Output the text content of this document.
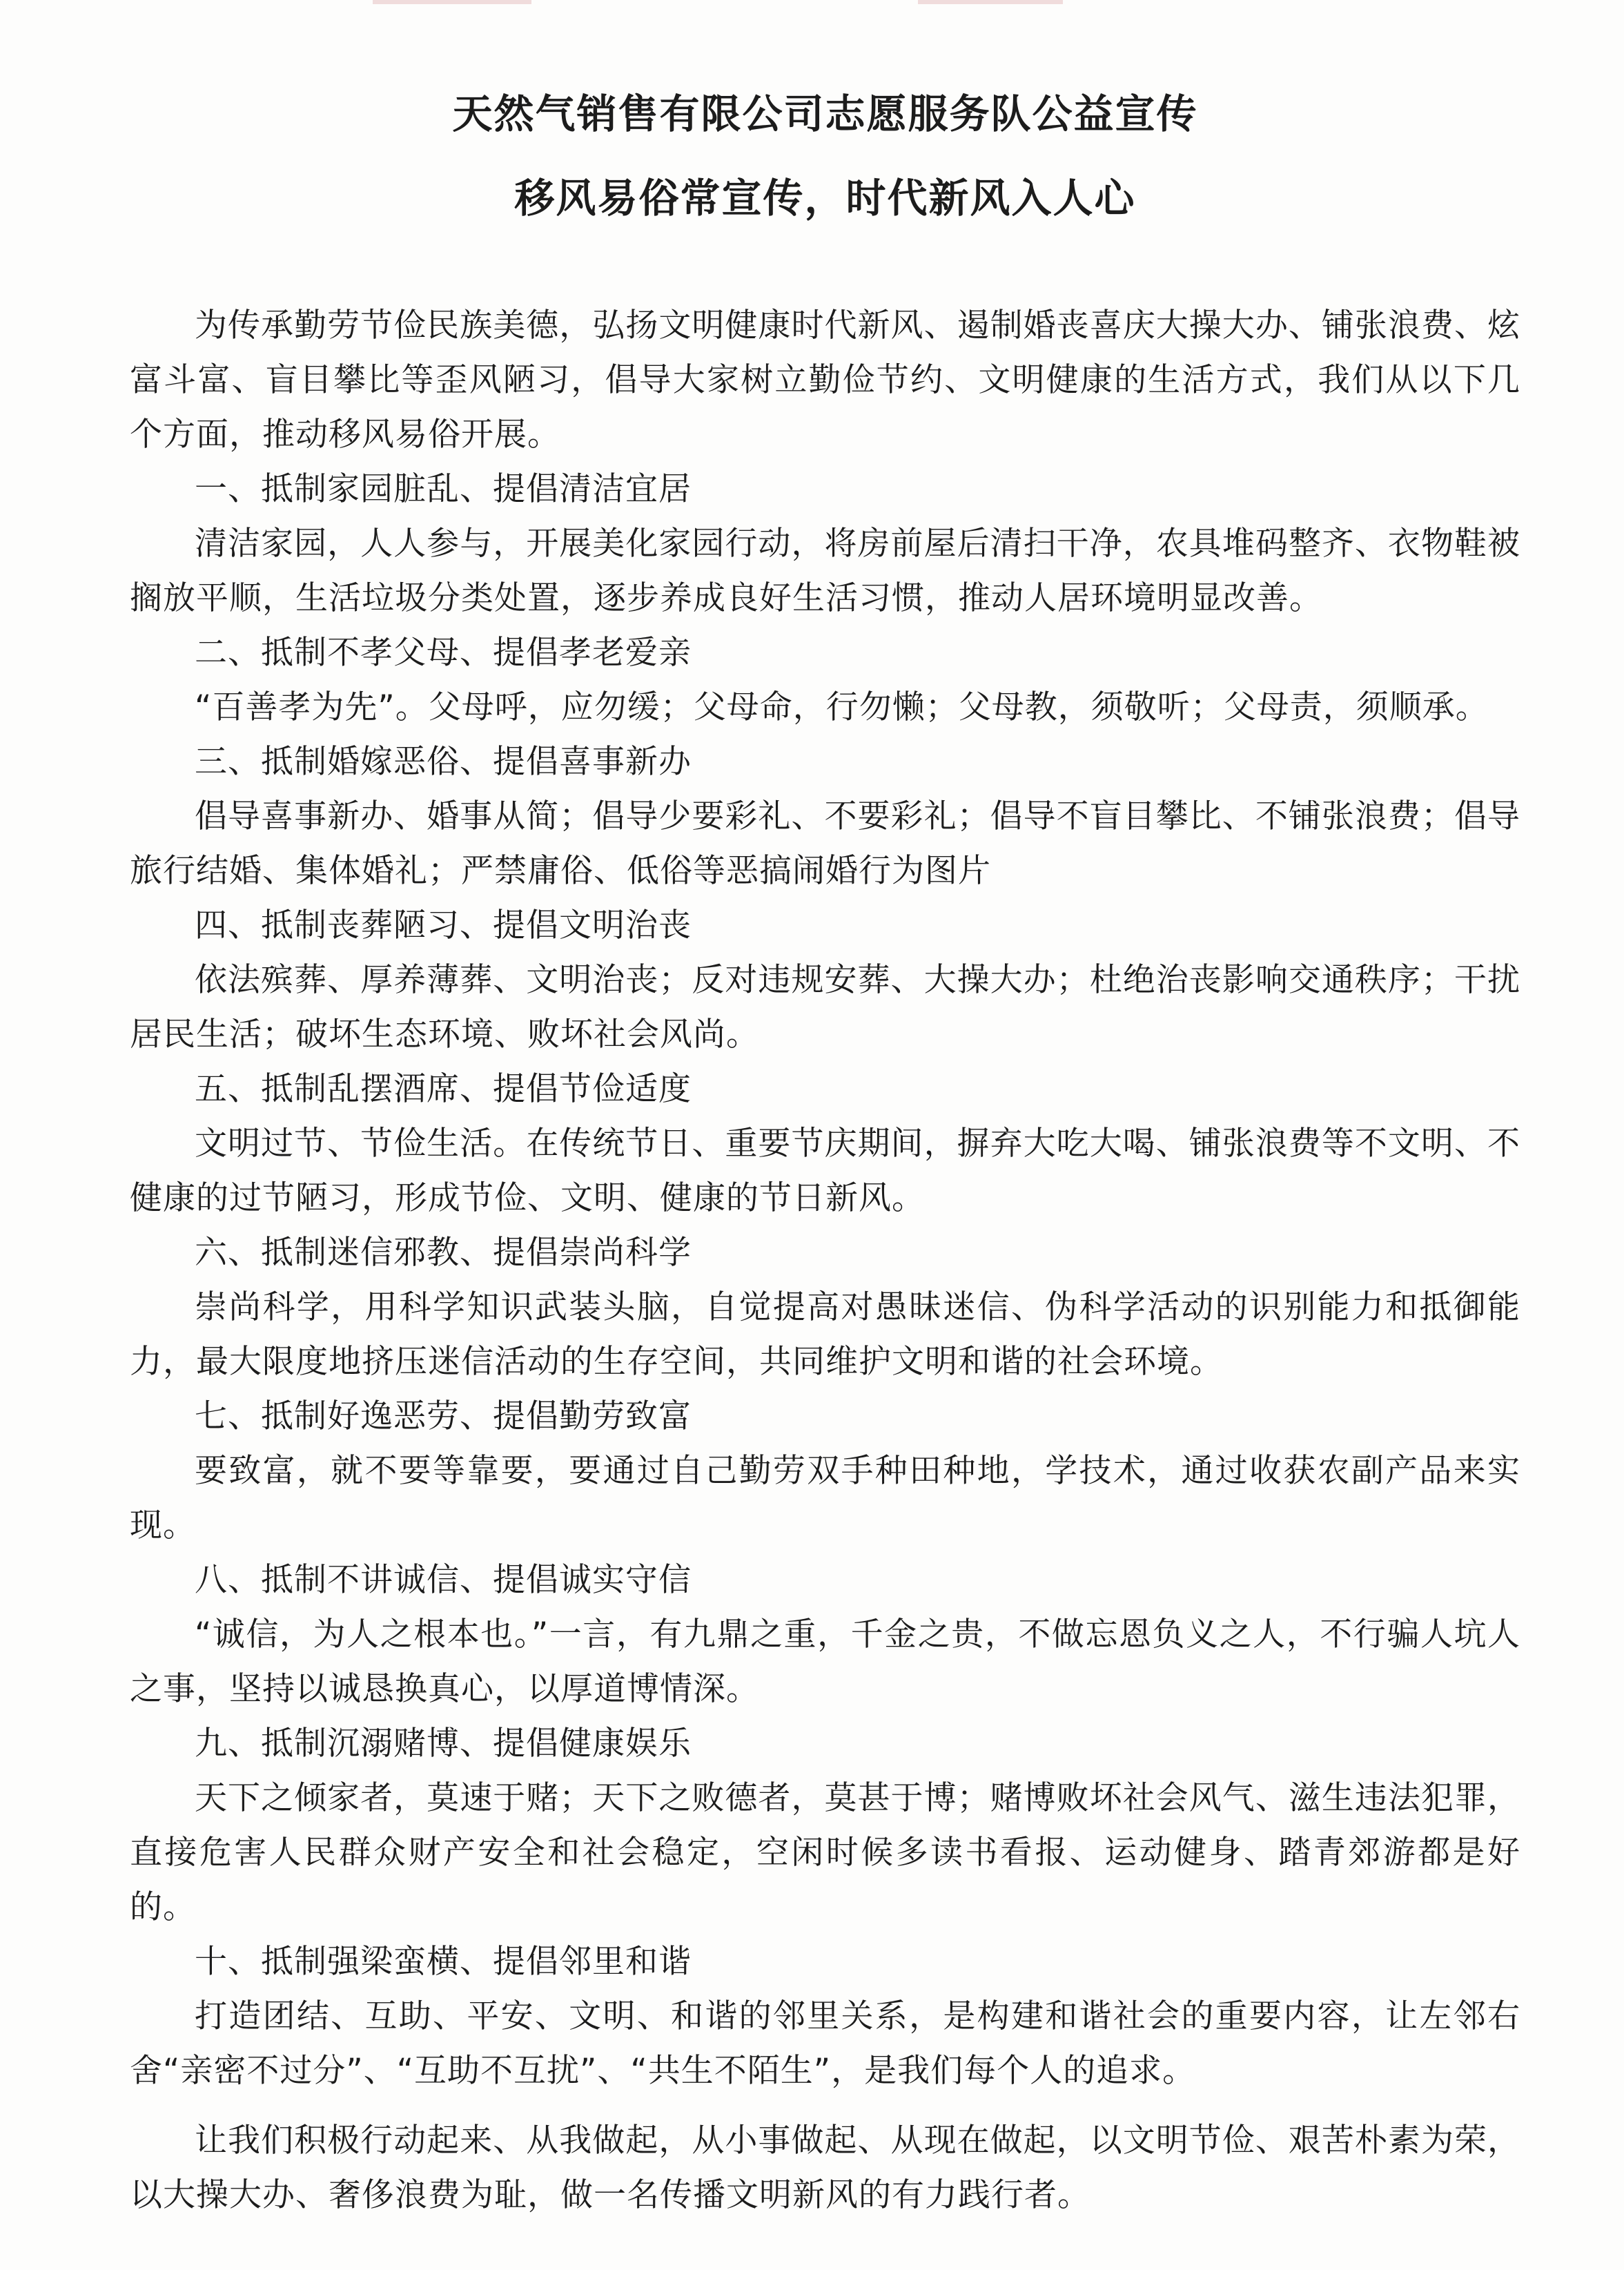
天然气销售有限公司志愿服务队公益宣传
移风易俗常宣传，时代新风入人心

为传承勤劳节俭民族美德，弘扬文明健康时代新风、遏制婚丧喜庆大操大办、铺张浪费、炫富斗富、盲目攀比等歪风陋习，倡导大家树立勤俭节约、文明健康的生活方式，我们从以下几个方面，推动移风易俗开展。

一、抵制家园脏乱、提倡清洁宜居

清洁家园，人人参与，开展美化家园行动，将房前屋后清扫干净，农具堆码整齐、衣物鞋被搁放平顺，生活垃圾分类处置，逐步养成良好生活习惯，推动人居环境明显改善。

二、抵制不孝父母、提倡孝老爱亲

“百善孝为先”。父母呼，应勿缓；父母命，行勿懒；父母教，须敬听；父母责，须顺承。

三、抵制婚嫁恶俗、提倡喜事新办

倡导喜事新办、婚事从简；倡导少要彩礼、不要彩礼；倡导不盲目攀比、不铺张浪费；倡导旅行结婚、集体婚礼；严禁庸俗、低俗等恶搞闹婚行为图片

四、抵制丧葬陋习、提倡文明治丧

依法殡葬、厚养薄葬、文明治丧；反对违规安葬、大操大办；杜绝治丧影响交通秩序；干扰居民生活；破坏生态环境、败坏社会风尚。

五、抵制乱摆酒席、提倡节俭适度

文明过节、节俭生活。在传统节日、重要节庆期间，摒弃大吃大喝、铺张浪费等不文明、不健康的过节陋习，形成节俭、文明、健康的节日新风。

六、抵制迷信邪教、提倡崇尚科学

崇尚科学，用科学知识武装头脑，自觉提高对愚昧迷信、伪科学活动的识别能力和抵御能力，最大限度地挤压迷信活动的生存空间，共同维护文明和谐的社会环境。

七、抵制好逸恶劳、提倡勤劳致富

要致富，就不要等靠要，要通过自己勤劳双手种田种地，学技术，通过收获农副产品来实现。

八、抵制不讲诚信、提倡诚实守信

“诚信，为人之根本也。”一言，有九鼎之重，千金之贵，不做忘恩负义之人，不行骗人坑人之事，坚持以诚恳换真心，以厚道博情深。

九、抵制沉溺赌博、提倡健康娱乐

天下之倾家者，莫速于赌；天下之败德者，莫甚于博；赌博败坏社会风气、滋生违法犯罪，直接危害人民群众财产安全和社会稳定，空闲时候多读书看报、运动健身、踏青郊游都是好的。

十、抵制强梁蛮横、提倡邻里和谐

打造团结、互助、平安、文明、和谐的邻里关系，是构建和谐社会的重要内容，让左邻右舍“亲密不过分”、“互助不互扰”、“共生不陌生”，是我们每个人的追求。

让我们积极行动起来、从我做起，从小事做起、从现在做起，以文明节俭、艰苦朴素为荣，以大操大办、奢侈浪费为耻，做一名传播文明新风的有力践行者。
